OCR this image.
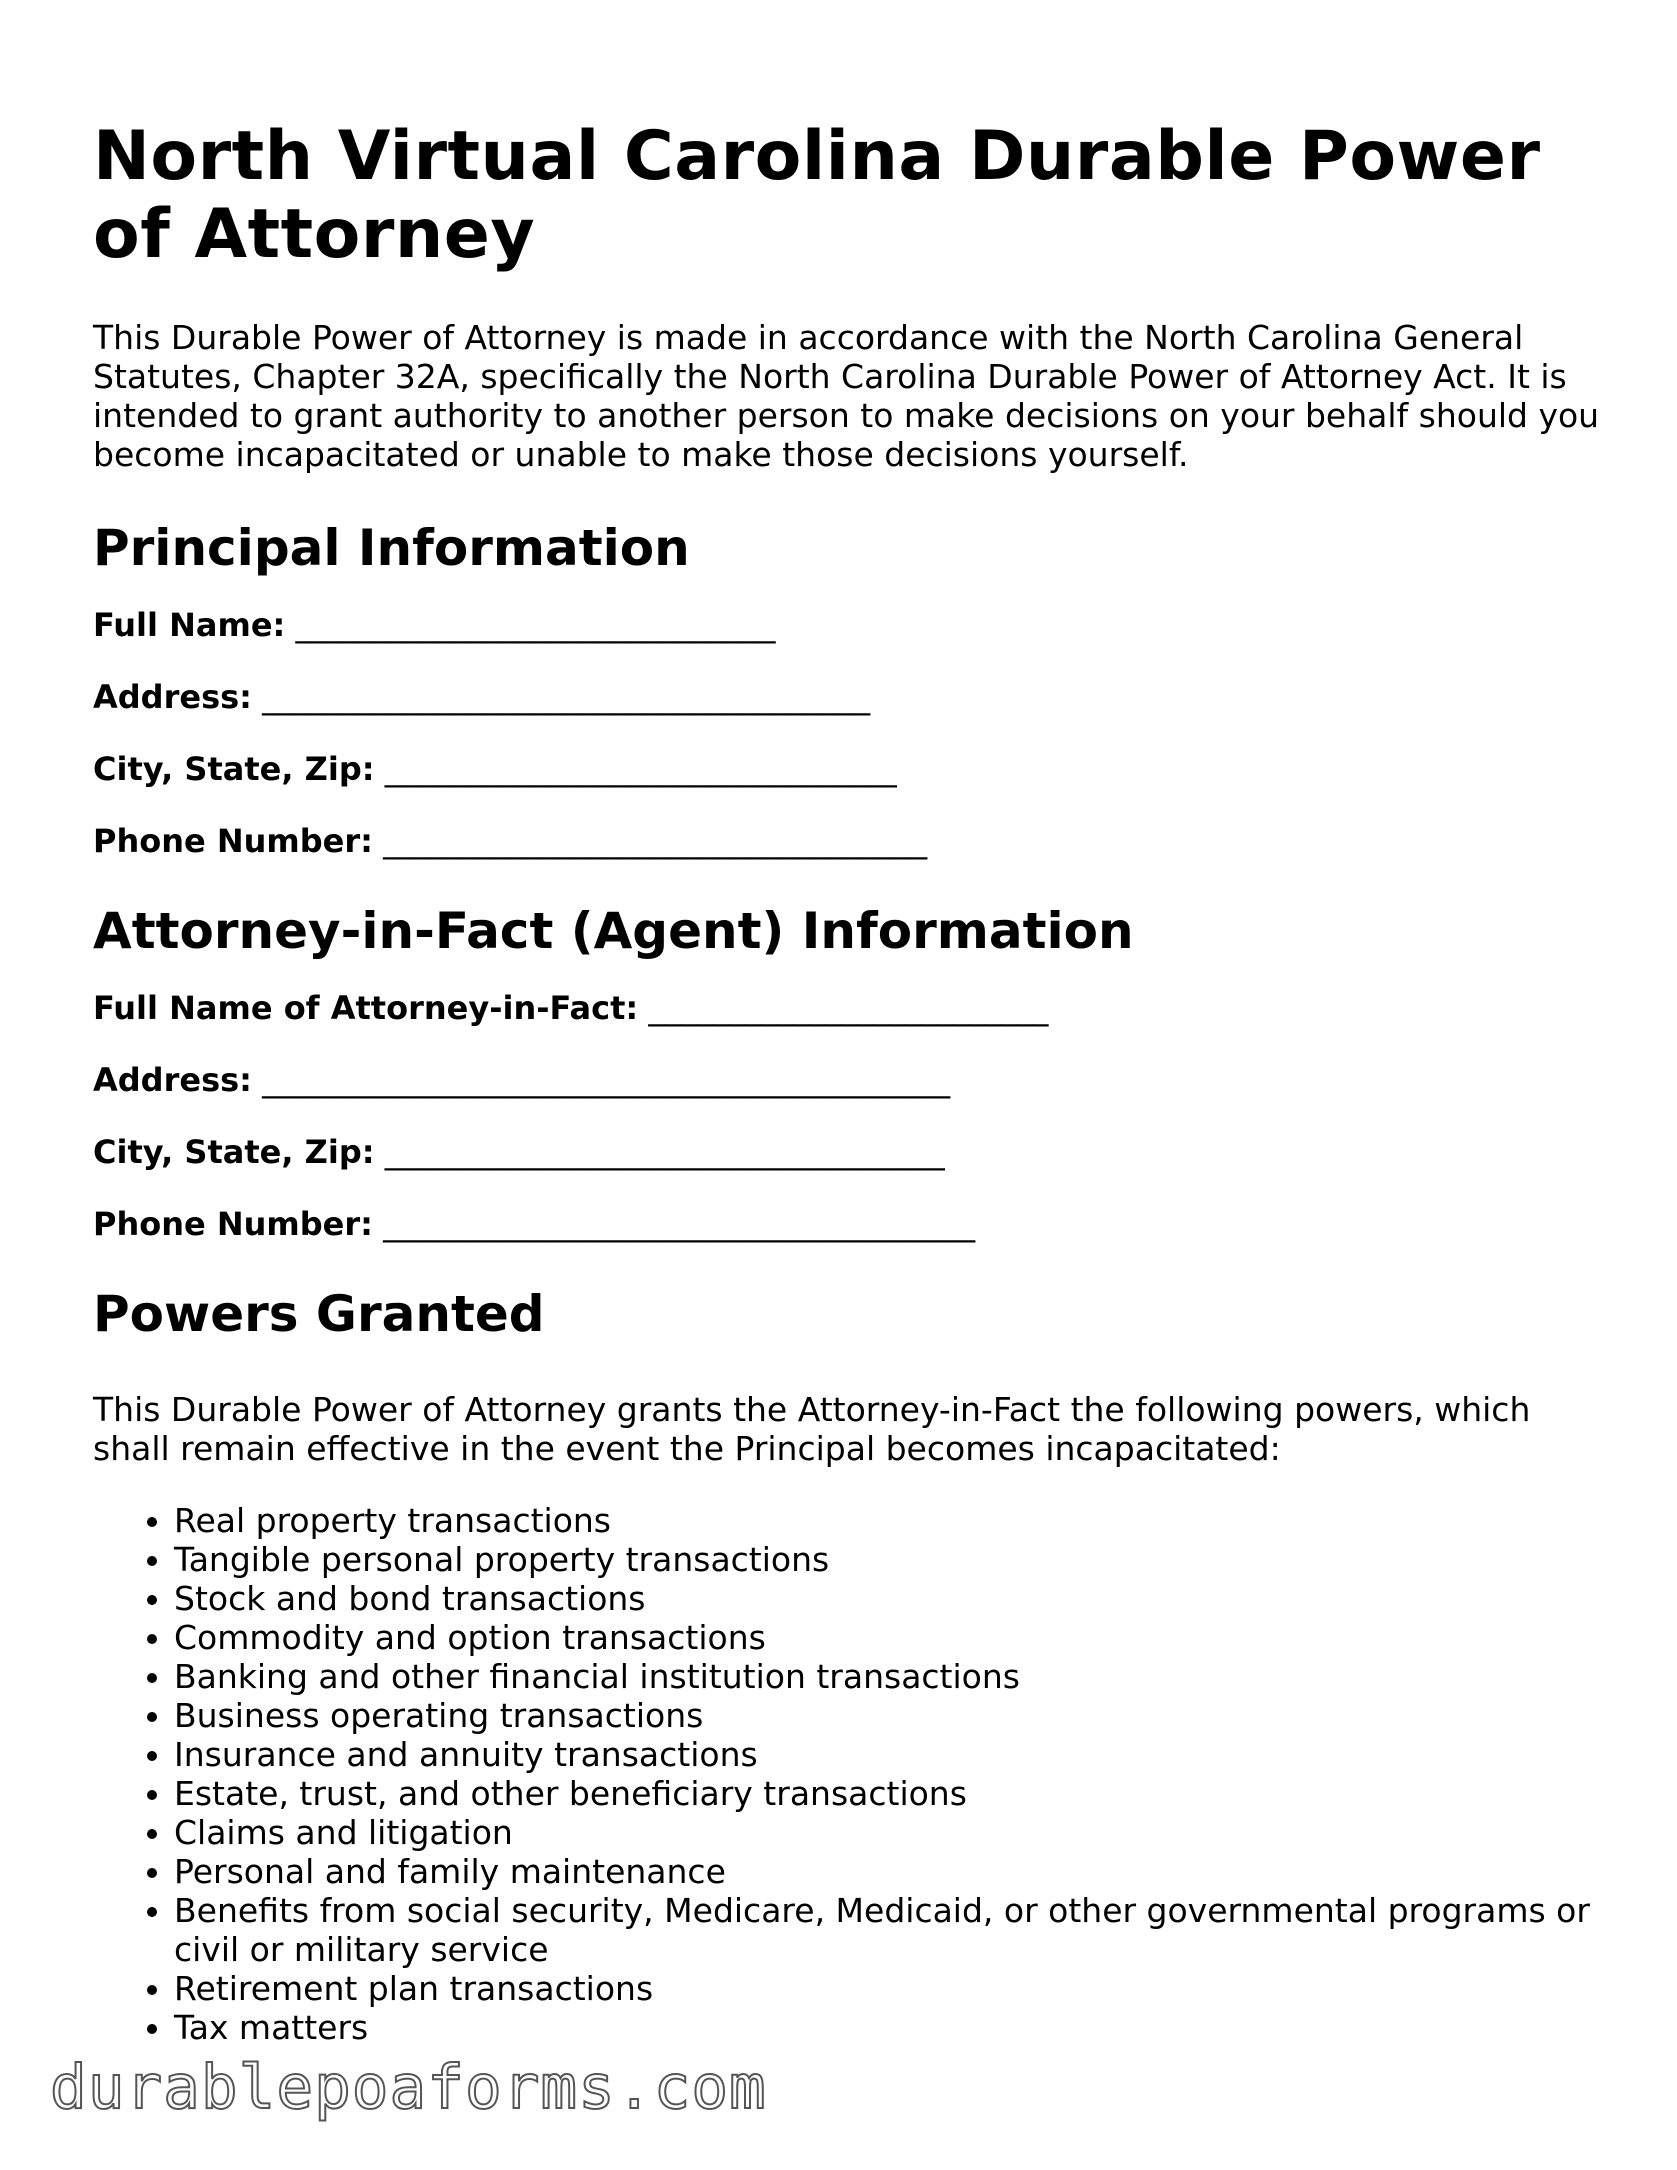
North Virtual Carolina Durable Power of Attorney

This Durable Power of Attorney is made in accordance with the North Carolina General Statutes, Chapter 32A, specifically the North Carolina Durable Power of Attorney Act. It is intended to grant authority to another person to make decisions on your behalf should you become incapacitated or unable to make those decisions yourself.

Principal Information
Full Name: ______________________________
Address: ______________________________________
City, State, Zip: ________________________________
Phone Number: __________________________________
Attorney-in-Fact (Agent) Information
Full Name of Attorney-in-Fact: _________________________
Address: ___________________________________________
City, State, Zip: ___________________________________
Phone Number: _____________________________________
Powers Granted

This Durable Power of Attorney grants the Attorney-in-Fact the following powers, which shall remain effective in the event the Principal becomes incapacitated:

• Real property transactions
• Tangible personal property transactions
• Stock and bond transactions
• Commodity and option transactions
• Banking and other financial institution transactions
• Business operating transactions
• Insurance and annuity transactions
• Estate, trust, and other beneficiary transactions
• Claims and litigation
• Personal and family maintenance
• Benefits from social security, Medicare, Medicaid, or other governmental programs or civil or military service
• Retirement plan transactions
• Tax matters
durablepoaforms.com
